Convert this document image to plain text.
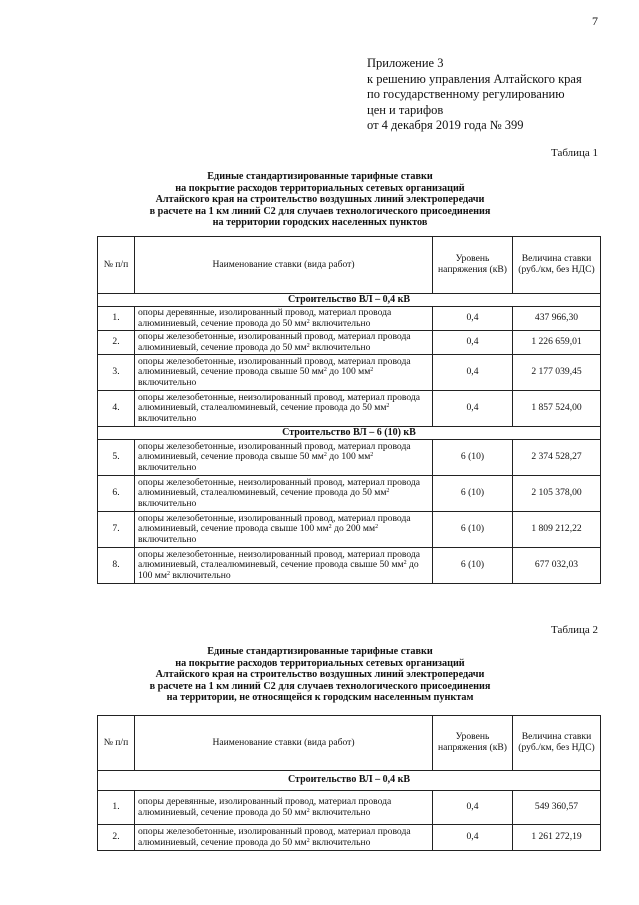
7
Приложение 3
к решению управления Алтайского края
по государственному регулированию
цен и тарифов
от 4 декабря 2019 года № 399
Таблица 1
Единые стандартизированные тарифные ставки
на покрытие расходов территориальных сетевых организаций
Алтайского края на строительство воздушных линий электропередачи
в расчете на 1 км линий С2 для случаев технологического присоединения
на территории городских населенных пунктов
№ п/п	Наименование ставки (вида работ)	Уровень напряжения (кВ)	Величина ставки (руб./км, без НДС)
Строительство ВЛ – 0,4 кВ			
1.	опоры деревянные, изолированный провод, материал провода алюминиевый, сечение провода до 50 $мм^2$ включительно	0,4	437 966,30
2.	опоры железобетонные, изолированный провод, материал провода алюминиевый, сечение провода до 50 $мм^2$ включительно	0,4	1 226 659,01
3.	опоры железобетонные, изолированный провод, материал провода алюминиевый, сечение провода свыше 50 $мм^2$ до 100 $мм^2$ включительно	0,4	2 177 039,45
4.	опоры железобетонные, неизолированный провод, материал провода алюминиевый, сталеалюминевый, сечение провода до 50 $мм^2$ включительно	0,4	1 857 524,00
Строительство ВЛ – 6 (10) кВ			
5.	опоры железобетонные, изолированный провод, материал провода алюминиевый, сечение провода свыше 50 $мм^2$ до 100 $мм^2$ включительно	6 (10)	2 374 528,27
6.	опоры железобетонные, неизолированный провод, материал провода алюминиевый, сталеалюминевый, сечение провода до 50 $мм^2$ включительно	6 (10)	2 105 378,00
7.	опоры железобетонные, изолированный провод, материал провода алюминиевый, сечение провода свыше 100 $мм^2$ до 200 $мм^2$ включительно	6 (10)	1 809 212,22
8.	опоры железобетонные, неизолированный провод, материал провода алюминиевый, сталеалюминевый, сечение провода свыше 50 $мм^2$ до 100 $мм^2$ включительно	6 (10)	677 032,03
Таблица 2
Единые стандартизированные тарифные ставки
на покрытие расходов территориальных сетевых организаций
Алтайского края на строительство воздушных линий электропередачи
в расчете на 1 км линий С2 для случаев технологического присоединения
на территории, не относящейся к городским населенным пунктам
№ п/п	Наименование ставки (вида работ)	Уровень напряжения (кВ)	Величина ставки (руб./км, без НДС)
Строительство ВЛ – 0,4 кВ			
1.	опоры деревянные, изолированный провод, материал провода алюминиевый, сечение провода до 50 $мм^2$ включительно	0,4	549 360,57
2.	опоры железобетонные, изолированный провод, материал провода алюминиевый, сечение провода до 50 $мм^2$ включительно	0,4	1 261 272,19
